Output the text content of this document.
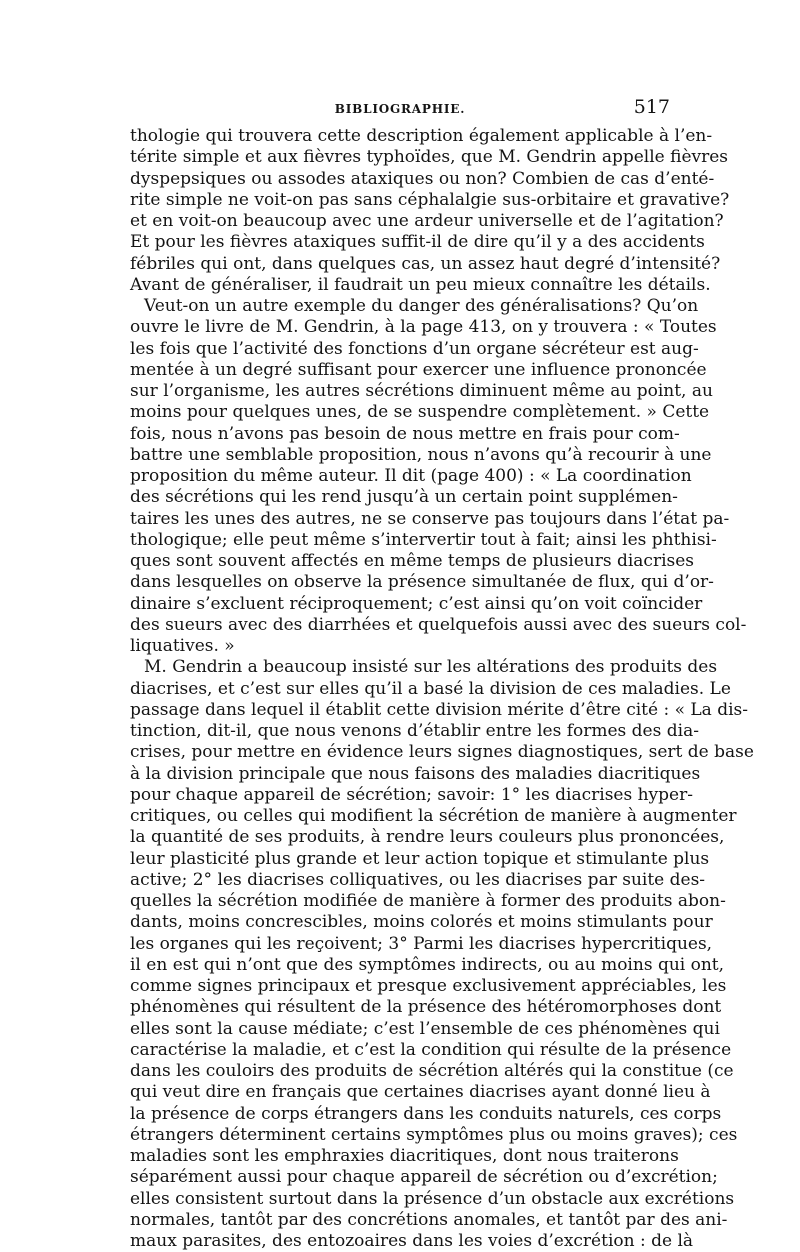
BIBLIOGRAPHIE.	517
thologie qui trouvera cette description également applicable à l’en-
térite simple et aux fièvres typhoïdes, que M. Gendrin appelle fièvres
dyspepsiques ou assodes ataxiques ou non? Combien de cas d’enté-
rite simple ne voit-on pas sans céphalalgie sus-orbitaire et gravative?
et en voit-on beaucoup avec une ardeur universelle et de l’agitation?
Et pour les fièvres ataxiques suffit-il de dire qu’il y a des accidents
fébriles qui ont, dans quelques cas, un assez haut degré d’intensité?
Avant de généraliser, il faudrait un peu mieux connaître les détails.
Veut-on un autre exemple du danger des généralisations? Qu’on
ouvre le livre de M. Gendrin, à la page 413, on y trouvera : « Toutes
les fois que l’activité des fonctions d’un organe sécréteur est aug-
mentée à un degré suffisant pour exercer une influence prononcée
sur l’organisme, les autres sécrétions diminuent même au point, au
moins pour quelques unes, de se suspendre complètement. » Cette
fois, nous n’avons pas besoin de nous mettre en frais pour com-
battre une semblable proposition, nous n’avons qu’à recourir à une
proposition du même auteur. Il dit (page 400) : « La coordination
des sécrétions qui les rend jusqu’à un certain point supplémen-
taires les unes des autres, ne se conserve pas toujours dans l’état pa-
thologique; elle peut même s’intervertir tout à fait; ainsi les phthisi-
ques sont souvent affectés en même temps de plusieurs diacrises
dans lesquelles on observe la présence simultanée de flux, qui d’or-
dinaire s’excluent réciproquement; c’est ainsi qu’on voit coïncider
des sueurs avec des diarrhées et quelquefois aussi avec des sueurs col-
liquatives. »
M. Gendrin a beaucoup insisté sur les altérations des produits des
diacrises, et c’est sur elles qu’il a basé la division de ces maladies. Le
passage dans lequel il établit cette division mérite d’être cité : « La dis-
tinction, dit-il, que nous venons d’établir entre les formes des dia-
crises, pour mettre en évidence leurs signes diagnostiques, sert de base
à la division principale que nous faisons des maladies diacritiques
pour chaque appareil de sécrétion; savoir: 1° les diacrises hyper-
critiques, ou celles qui modifient la sécrétion de manière à augmenter
la quantité de ses produits, à rendre leurs couleurs plus prononcées,
leur plasticité plus grande et leur action topique et stimulante plus
active; 2° les diacrises colliquatives, ou les diacrises par suite des-
quelles la sécrétion modifiée de manière à former des produits abon-
dants, moins concrescibles, moins colorés et moins stimulants pour
les organes qui les reçoivent; 3° Parmi les diacrises hypercritiques,
il en est qui n’ont que des symptômes indirects, ou au moins qui ont,
comme signes principaux et presque exclusivement appréciables, les
phénomènes qui résultent de la présence des hétéromorphoses dont
elles sont la cause médiate; c’est l’ensemble de ces phénomènes qui
caractérise la maladie, et c’est la condition qui résulte de la présence
dans les couloirs des produits de sécrétion altérés qui la constitue (ce
qui veut dire en français que certaines diacrises ayant donné lieu à
la présence de corps étrangers dans les conduits naturels, ces corps
étrangers déterminent certains symptômes plus ou moins graves); ces
maladies sont les emphraxies diacritiques, dont nous traiterons
séparément aussi pour chaque appareil de sécrétion ou d’excrétion;
elles consistent surtout dans la présence d’un obstacle aux excrétions
normales, tantôt par des concrétions anomales, et tantôt par des ani-
maux parasites, des entozoaires dans les voies d’excrétion : de là
